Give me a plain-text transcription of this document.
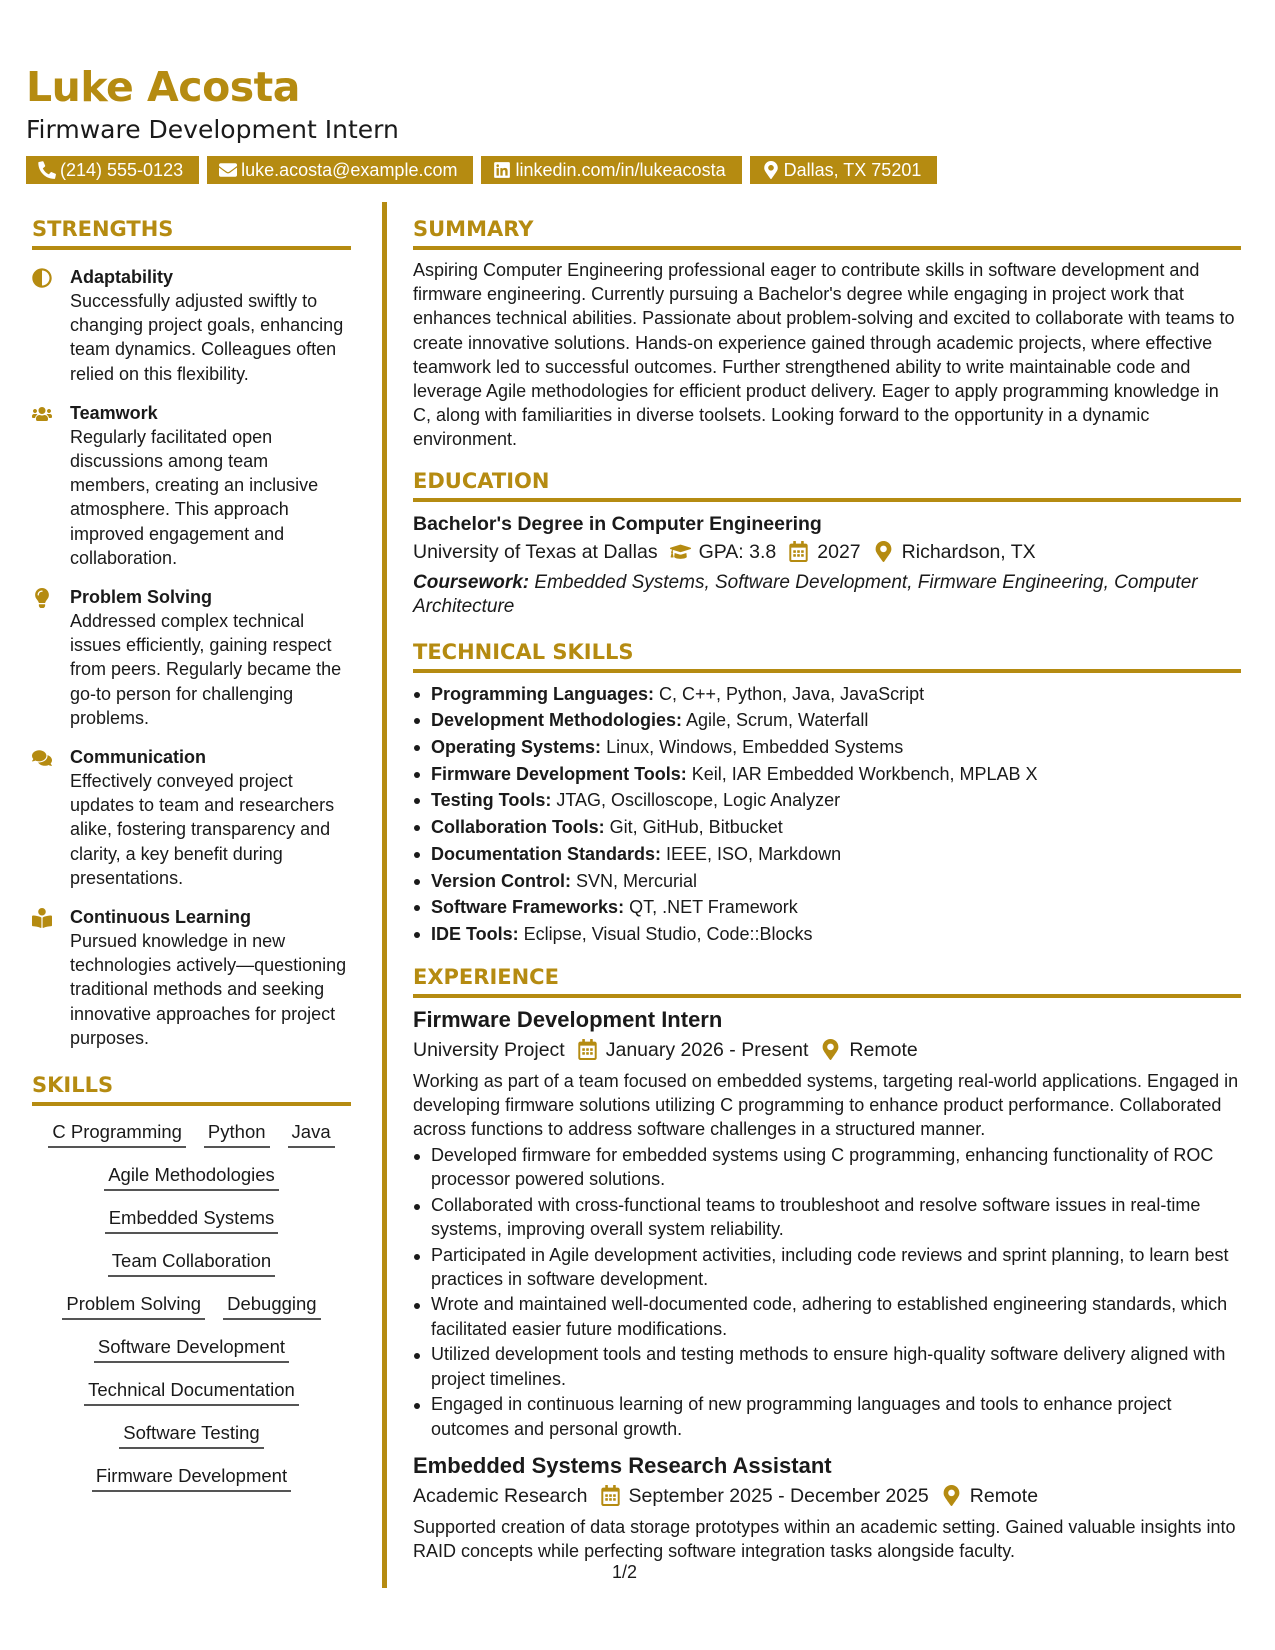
Luke Acosta
Firmware Development Intern
(214) 555-0123	luke.acosta@example.com	linkedin.com/in/lukeacosta	Dallas, TX 75201
STRENGTHS
Adaptability
Successfully adjusted swiftly to changing project goals, enhancing team dynamics. Colleagues often relied on this flexibility.
Teamwork
Regularly facilitated open discussions among team members, creating an inclusive atmosphere. This approach improved engagement and collaboration.
Problem Solving
Addressed complex technical issues efficiently, gaining respect from peers. Regularly became the go-to person for challenging problems.
Communication
Effectively conveyed project updates to team and researchers alike, fostering transparency and clarity, a key benefit during presentations.
Continuous Learning
Pursued knowledge in new technologies actively—questioning traditional methods and seeking innovative approaches for project purposes.
SKILLS
C Programming Python Java
Agile Methodologies
Embedded Systems
Team Collaboration
Problem Solving Debugging
Software Development
Technical Documentation
Software Testing
Firmware Development
SUMMARY
Aspiring Computer Engineering professional eager to contribute skills in software development and firmware engineering. Currently pursuing a Bachelor's degree while engaging in project work that enhances technical abilities. Passionate about problem-solving and excited to collaborate with teams to create innovative solutions. Hands-on experience gained through academic projects, where effective teamwork led to successful outcomes. Further strengthened ability to write maintainable code and leverage Agile methodologies for efficient product delivery. Eager to apply programming knowledge in C, along with familiarities in diverse toolsets. Looking forward to the opportunity in a dynamic environment.
EDUCATION
Bachelor's Degree in Computer Engineering
University of Texas at Dallas GPA: 3.8 2027 Richardson, TX
Coursework: Embedded Systems, Software Development, Firmware Engineering, Computer Architecture
TECHNICAL SKILLS
Programming Languages: C, C++, Python, Java, JavaScript
Development Methodologies: Agile, Scrum, Waterfall
Operating Systems: Linux, Windows, Embedded Systems
Firmware Development Tools: Keil, IAR Embedded Workbench, MPLAB X
Testing Tools: JTAG, Oscilloscope, Logic Analyzer
Collaboration Tools: Git, GitHub, Bitbucket
Documentation Standards: IEEE, ISO, Markdown
Version Control: SVN, Mercurial
Software Frameworks: QT, .NET Framework
IDE Tools: Eclipse, Visual Studio, Code::Blocks
EXPERIENCE
Firmware Development Intern
University Project January 2026 - Present Remote
Working as part of a team focused on embedded systems, targeting real-world applications. Engaged in developing firmware solutions utilizing C programming to enhance product performance. Collaborated across functions to address software challenges in a structured manner.
Developed firmware for embedded systems using C programming, enhancing functionality of ROC processor powered solutions.
Collaborated with cross-functional teams to troubleshoot and resolve software issues in real-time systems, improving overall system reliability.
Participated in Agile development activities, including code reviews and sprint planning, to learn best practices in software development.
Wrote and maintained well-documented code, adhering to established engineering standards, which facilitated easier future modifications.
Utilized development tools and testing methods to ensure high-quality software delivery aligned with project timelines.
Engaged in continuous learning of new programming languages and tools to enhance project outcomes and personal growth.
Embedded Systems Research Assistant
Academic Research September 2025 - December 2025 Remote
Supported creation of data storage prototypes within an academic setting. Gained valuable insights into RAID concepts while perfecting software integration tasks alongside faculty.
1/2
